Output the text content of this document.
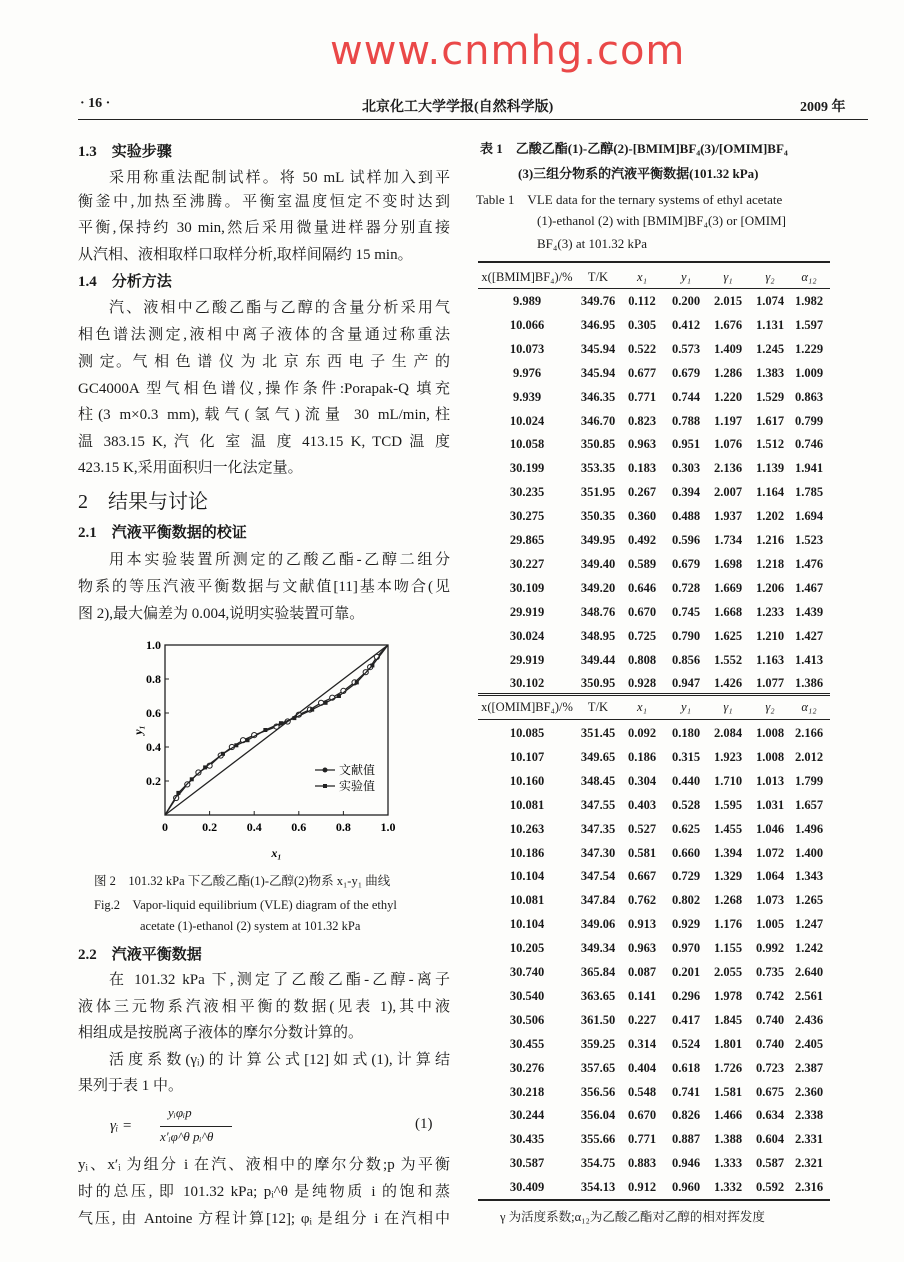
· 16 ·	北京化工大学学报(自然科学版)	2009 年
1.3　实验步骤
采用称重法配制试样。将 50 mL 试样加入到平
衡釜中,加热至沸腾。平衡室温度恒定不变时达到
平衡,保持约 30 min,然后采用微量进样器分别直接
从汽相、液相取样口取样分析,取样间隔约 15 min。
1.4　分析方法
汽、液相中乙酸乙酯与乙醇的含量分析采用气
相色谱法测定,液相中离子液体的含量通过称重法
测 定。气 相 色 谱 仪 为 北 京 东 西 电 子 生 产 的
GC4000A 型气相色谱仪,操作条件:Porapak-Q 填充
柱(3 m×0.3 mm),载气(氢气)流量 30 mL/min,柱
温 383.15 K, 汽 化 室 温 度 413.15 K, TCD 温 度
423.15 K,采用面积归一化法定量。
2　结果与讨论
2.1　汽液平衡数据的校证
用本实验装置所测定的乙酸乙酯-乙醇二组分
物系的等压汽液平衡数据与文献值[11]基本吻合(见
图 2),最大偏差为 0.004,说明实验装置可靠。
2.2　汽液平衡数据
在 101.32 kPa 下,测定了乙酸乙酯-乙醇-离子
液体三元物系汽液相平衡的数据(见表 1),其中液
相组成是按脱离子液体的摩尔分数计算的。
活度系数(γᵢ)的计算公式[12]如式(1),计算结
果列于表 1 中。
γᵢ =
yᵢφᵢp
x′ᵢφ^θ pᵢ^θ
(1)
yᵢ、x′ᵢ 为组分 i 在汽、液相中的摩尔分数;p 为平衡
时的总压, 即 101.32 kPa; pᵢ^θ 是纯物质 i 的饱和蒸
气压, 由 Antoine 方程计算[12]; φᵢ 是组分 i 在汽相中
0	0.2 0.4 0.6 0.8 1.0
0.2
0.4
0.6
0.8
1.0
x₁
y₁
文献值
实验值
图 2　101.32 kPa 下乙酸乙酯(1)-乙醇(2)物系 x₁-y₁ 曲线
Fig.2　Vapor-liquid equilibrium (VLE) diagram of the ethyl
acetate (1)-ethanol (2) system at 101.32 kPa
表 1　乙酸乙酯(1)-乙醇(2)-[BMIM]BF₄(3)/[OMIM]BF₄
(3)三组分物系的汽液平衡数据(101.32 kPa)
Table 1　VLE data for the ternary systems of ethyl acetate
(1)-ethanol (2) with [BMIM]BF₄(3) or [OMIM]
BF₄(3) at 101.32 kPa
x([BMIM]BF₄)/% T/K x₁	y₁	γ₁	γ₂ α₁₂
9.989	349.76 0.112 0.200 2.015 1.074 1.982
10.066	346.95 0.305 0.412 1.676 1.131 1.597
10.073	345.94 0.522 0.573 1.409 1.245 1.229
9.976	345.94 0.677 0.679 1.286 1.383 1.009
9.939	346.35 0.771 0.744 1.220 1.529 0.863
10.024	346.70 0.823 0.788 1.197 1.617 0.799
10.058	350.85 0.963 0.951 1.076 1.512 0.746
30.199	353.35 0.183 0.303 2.136 1.139 1.941
30.235	351.95 0.267 0.394 2.007 1.164 1.785
30.275	350.35 0.360 0.488 1.937 1.202 1.694
29.865	349.95 0.492 0.596 1.734 1.216 1.523
30.227	349.40 0.589 0.679 1.698 1.218 1.476
30.109	349.20 0.646 0.728 1.669 1.206 1.467
29.919	348.76 0.670 0.745 1.668 1.233 1.439
30.024	348.95 0.725 0.790 1.625 1.210 1.427
29.919	349.44 0.808 0.856 1.552 1.163 1.413
30.102	350.95 0.928 0.947 1.426 1.077 1.386
x([OMIM]BF₄)/% T/K x₁	y₁	γ₁	γ₂ α₁₂
10.085	351.45 0.092 0.180 2.084 1.008 2.166
10.107	349.65 0.186 0.315 1.923 1.008 2.012
10.160	348.45 0.304 0.440 1.710 1.013 1.799
10.081	347.55 0.403 0.528 1.595 1.031 1.657
10.263	347.35 0.527 0.625 1.455 1.046 1.496
10.186	347.30 0.581 0.660 1.394 1.072 1.400
10.104	347.54 0.667 0.729 1.329 1.064 1.343
10.081	347.84 0.762 0.802 1.268 1.073 1.265
10.104	349.06 0.913 0.929 1.176 1.005 1.247
10.205	349.34 0.963 0.970 1.155 0.992 1.242
30.740	365.84 0.087 0.201 2.055 0.735 2.640
30.540	363.65 0.141 0.296 1.978 0.742 2.561
30.506	361.50 0.227 0.417 1.845 0.740 2.436
30.455	359.25 0.314 0.524 1.801 0.740 2.405
30.276	357.65 0.404 0.618 1.726 0.723 2.387
30.218	356.56 0.548 0.741 1.581 0.675 2.360
30.244	356.04 0.670 0.826 1.466 0.634 2.338
30.435	355.66 0.771 0.887 1.388 0.604 2.331
30.587	354.75 0.883 0.946 1.333 0.587 2.321
30.409	354.13 0.912 0.960 1.332 0.592 2.316
γ 为活度系数;α₁₂为乙酸乙酯对乙醇的相对挥发度
www.cnmhg.com
